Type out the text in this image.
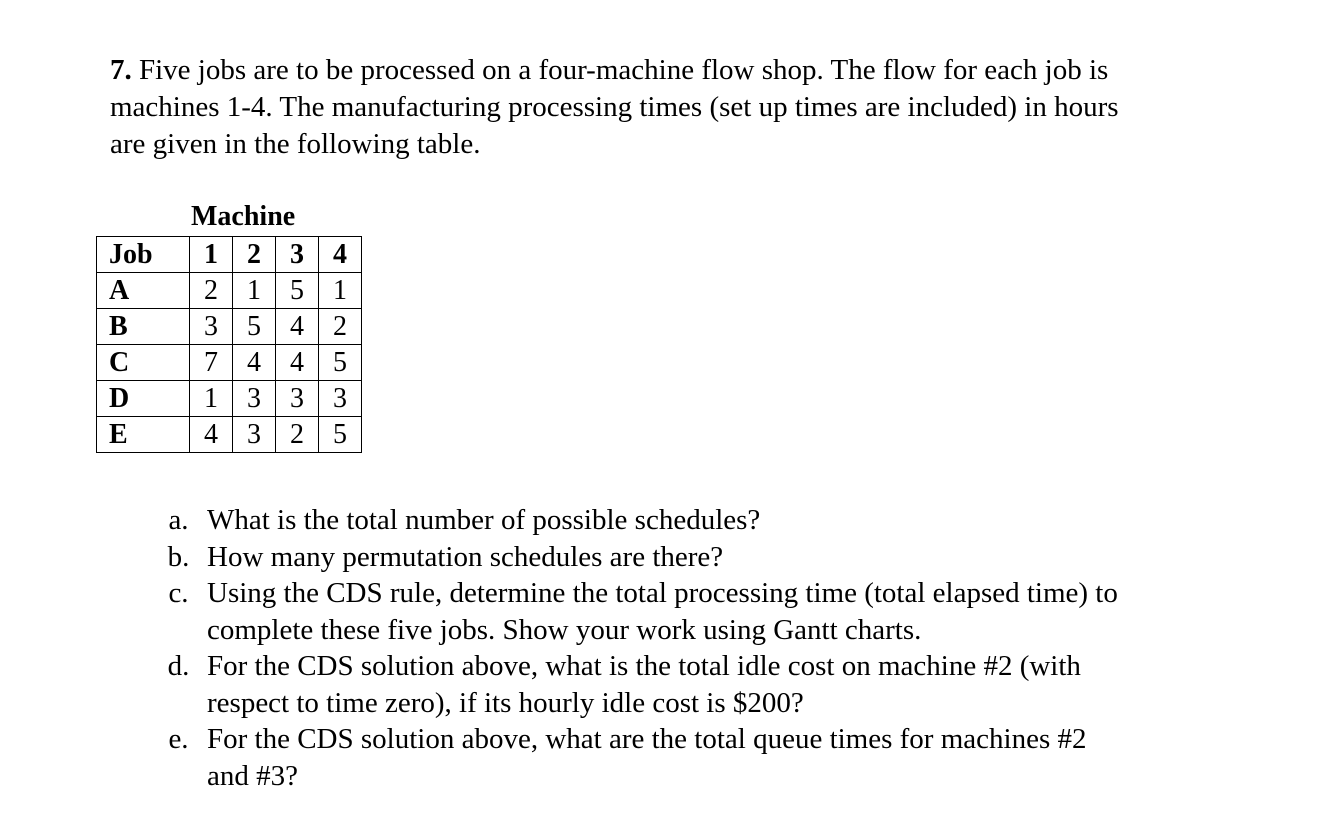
7. Five jobs are to be processed on a four-machine flow shop. The flow for each job is
machines 1-4. The manufacturing processing times (set up times are included) in hours
are given in the following table.
Machine
Job	1	2	3	4
A	2	1	5	1
B	3	5	4	2
C	7	4	4	5
D	1	3	3	3
E	4	3	2	5
a. What is the total number of possible schedules?
b. How many permutation schedules are there?
c. Using the CDS rule, determine the total processing time (total elapsed time) to
complete these five jobs. Show your work using Gantt charts.
d. For the CDS solution above, what is the total idle cost on machine #2 (with
respect to time zero), if its hourly idle cost is $200?
e. For the CDS solution above, what are the total queue times for machines #2
and #3?
